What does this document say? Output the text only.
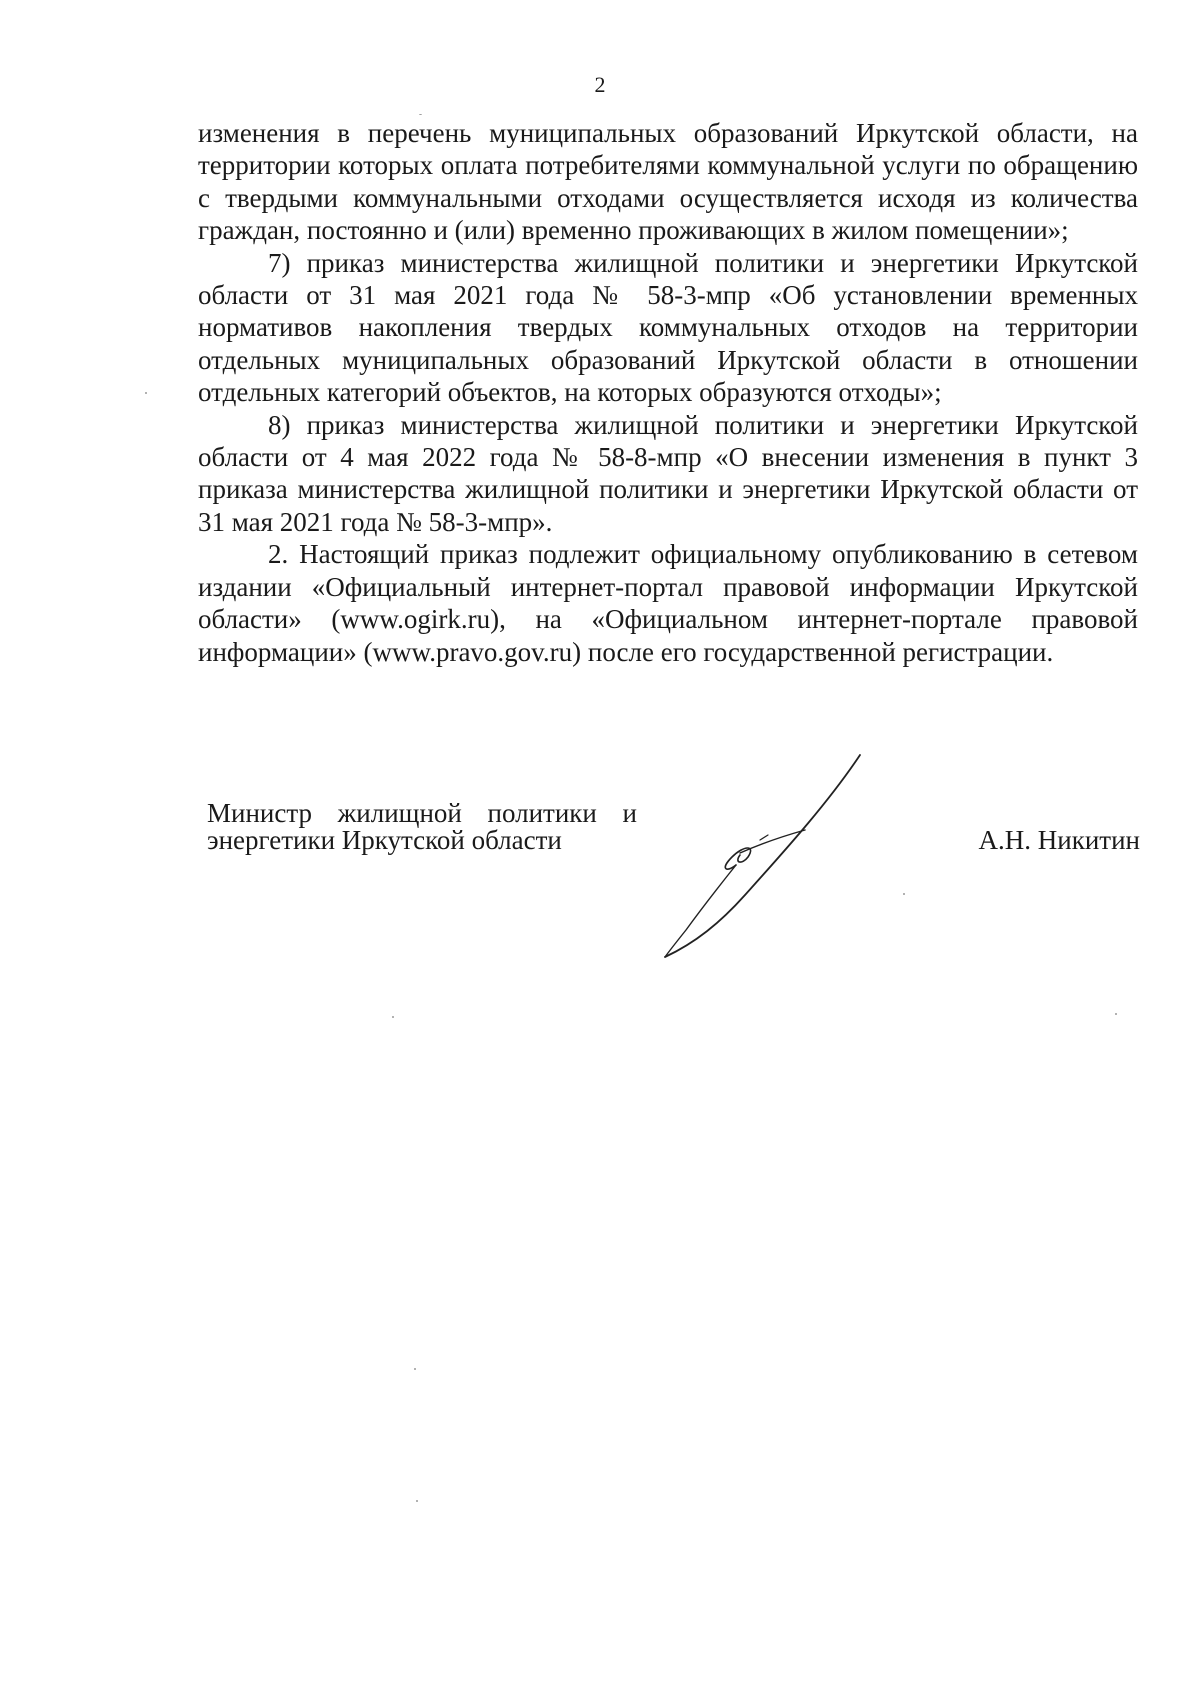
2

изменения в перечень муниципальных образований Иркутской области, на территории которых оплата потребителями коммунальной услуги по обращению с твердыми коммунальными отходами осуществляется исходя из количества граждан, постоянно и (или) временно проживающих в жилом помещении»;

7) приказ министерства жилищной политики и энергетики Иркутской области от 31 мая 2021 года № 58-3-мпр «Об установлении временных нормативов накопления твердых коммунальных отходов на территории отдельных муниципальных образований Иркутской области в отношении отдельных категорий объектов, на которых образуются отходы»;

8) приказ министерства жилищной политики и энергетики Иркутской области от 4 мая 2022 года № 58-8-мпр «О внесении изменения в пункт 3 приказа министерства жилищной политики и энергетики Иркутской области от 31 мая 2021 года № 58-3-мпр».

2. Настоящий приказ подлежит официальному опубликованию в сетевом издании «Официальный интернет-портал правовой информации Иркутской области» (www.ogirk.ru), на «Официальном интернет-портале правовой информации» (www.pravo.gov.ru) после его государственной регистрации.

Министр жилищной политики и
энергетики Иркутской области	А.Н. Никитин
